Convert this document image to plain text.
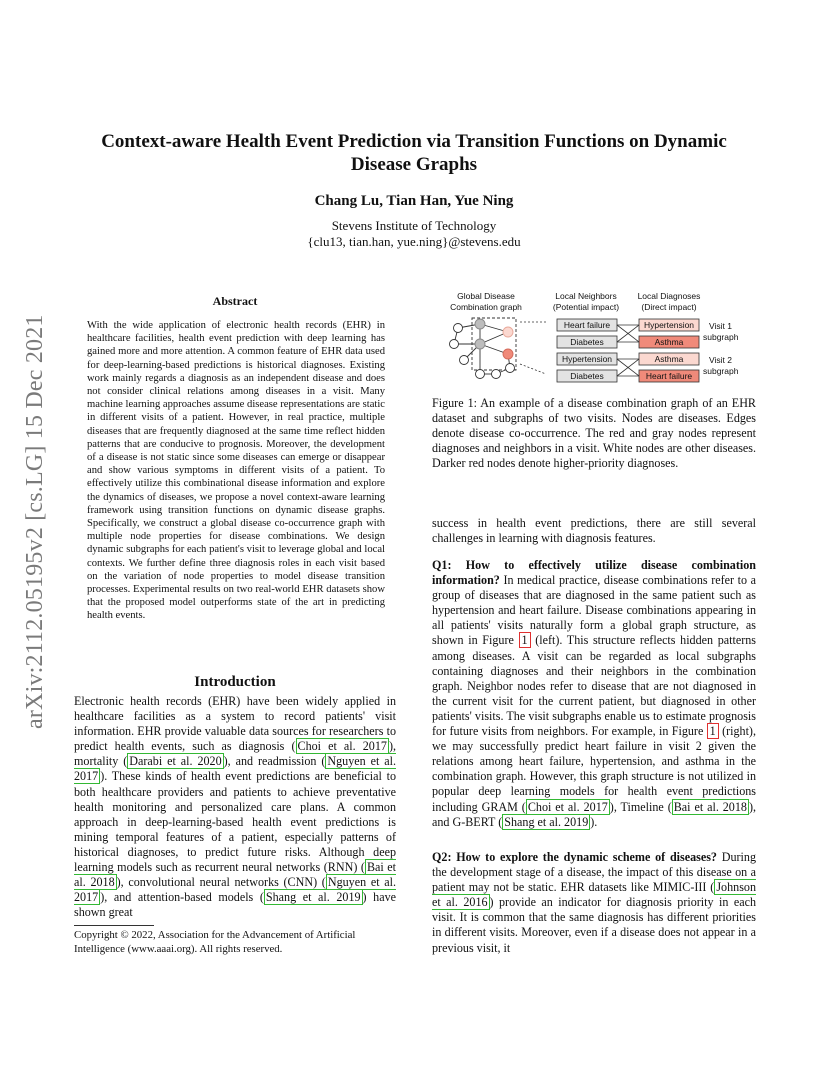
Context-aware Health Event Prediction via Transition Functions on Dynamic
Disease Graphs
Chang Lu, Tian Han, Yue Ning
Stevens Institute of Technology
{clu13, tian.han, yue.ning}@stevens.edu
arXiv:2112.05195v2 [cs.LG] 15 Dec 2021
Abstract

With the wide application of electronic health records (EHR) in healthcare facilities, health event prediction with deep learning has gained more and more attention. A common feature of EHR data used for deep-learning-based predictions is historical diagnoses. Existing work mainly regards a diagnosis as an independent disease and does not consider clinical relations among diseases in a visit. Many machine learning approaches assume disease representations are static in different visits of a patient. However, in real practice, multiple diseases that are frequently diagnosed at the same time reflect hidden patterns that are conducive to prognosis. Moreover, the development of a disease is not static since some diseases can emerge or disappear and show various symptoms in different visits of a patient. To effectively utilize this combinational disease information and explore the dynamics of diseases, we propose a novel context-aware learning framework using transition functions on dynamic disease graphs. Specifically, we construct a global disease co-occurrence graph with multiple node properties for disease combinations. We design dynamic subgraphs for each patient's visit to leverage global and local contexts. We further define three diagnosis roles in each visit based on the variation of node properties to model disease transition processes. Experimental results on two real-world EHR datasets show that the proposed model outperforms state of the art in predicting health events.

Introduction

Electronic health records (EHR) have been widely applied in healthcare facilities as a system to record patients' visit information. EHR provide valuable data sources for researchers to predict health events, such as diagnosis ( Choi et al. 2017 ), mortality ( Darabi et al. 2020 ), and readmission ( Nguyen et al. 2017 ). These kinds of health event predictions are beneficial to both healthcare providers and patients to achieve preventative health monitoring and personalized care plans. A common approach in deep-learning-based health event predictions is mining temporal features of a patient, especially patterns of historical diagnoses, to predict future risks. Although deep learning models such as recurrent neural networks (RNN) ( Bai et al. 2018 ), convolutional neural networks (CNN) ( Nguyen et al. 2017 ), and attention-based models ( Shang et al. 2019 ) have shown great

Copyright © 2022, Association for the Advancement of Artificial Intelligence (www.aaai.org). All rights reserved.

Global Disease
Combination graph
Local Neighbors
(Potential impact)
Local Diagnoses
(Direct impact)
Heart failure
Diabetes
Hypertension
Asthma
Visit 1
subgraph
Hypertension
Diabetes
Asthma
Heart failure
Visit 2
subgraph

Figure 1: An example of a disease combination graph of an EHR dataset and subgraphs of two visits. Nodes are diseases. Edges denote disease co-occurrence. The red and gray nodes represent diagnoses and neighbors in a visit. White nodes are other diseases. Darker red nodes denote higher-priority diagnoses.

success in health event predictions, there are still several challenges in learning with diagnosis features.

Q1: How to effectively utilize disease combination information? In medical practice, disease combinations refer to a group of diseases that are diagnosed in the same patient such as hypertension and heart failure. Disease combinations appearing in all patients' visits naturally form a global graph structure, as shown in Figure 1 (left). This structure reflects hidden patterns among diseases. A visit can be regarded as local subgraphs containing diagnoses and their neighbors in the combination graph. Neighbor nodes refer to disease that are not diagnosed in the current visit for the current patient, but diagnosed in other patients' visits. The visit subgraphs enable us to estimate prognosis for future visits from neighbors. For example, in Figure 1 (right), we may successfully predict heart failure in visit 2 given the relations among heart failure, hypertension, and asthma in the combination graph. However, this graph structure is not utilized in popular deep learning models for health event predictions including GRAM ( Choi et al. 2017 ), Timeline ( Bai et al. 2018 ), and G-BERT ( Shang et al. 2019 ).

Q2: How to explore the dynamic scheme of diseases? During the development stage of a disease, the impact of this disease on a patient may not be static. EHR datasets like MIMIC-III ( Johnson et al. 2016 ) provide an indicator for diagnosis priority in each visit. It is common that the same diagnosis has different priorities in different visits. Moreover, even if a disease does not appear in a previous visit, it
